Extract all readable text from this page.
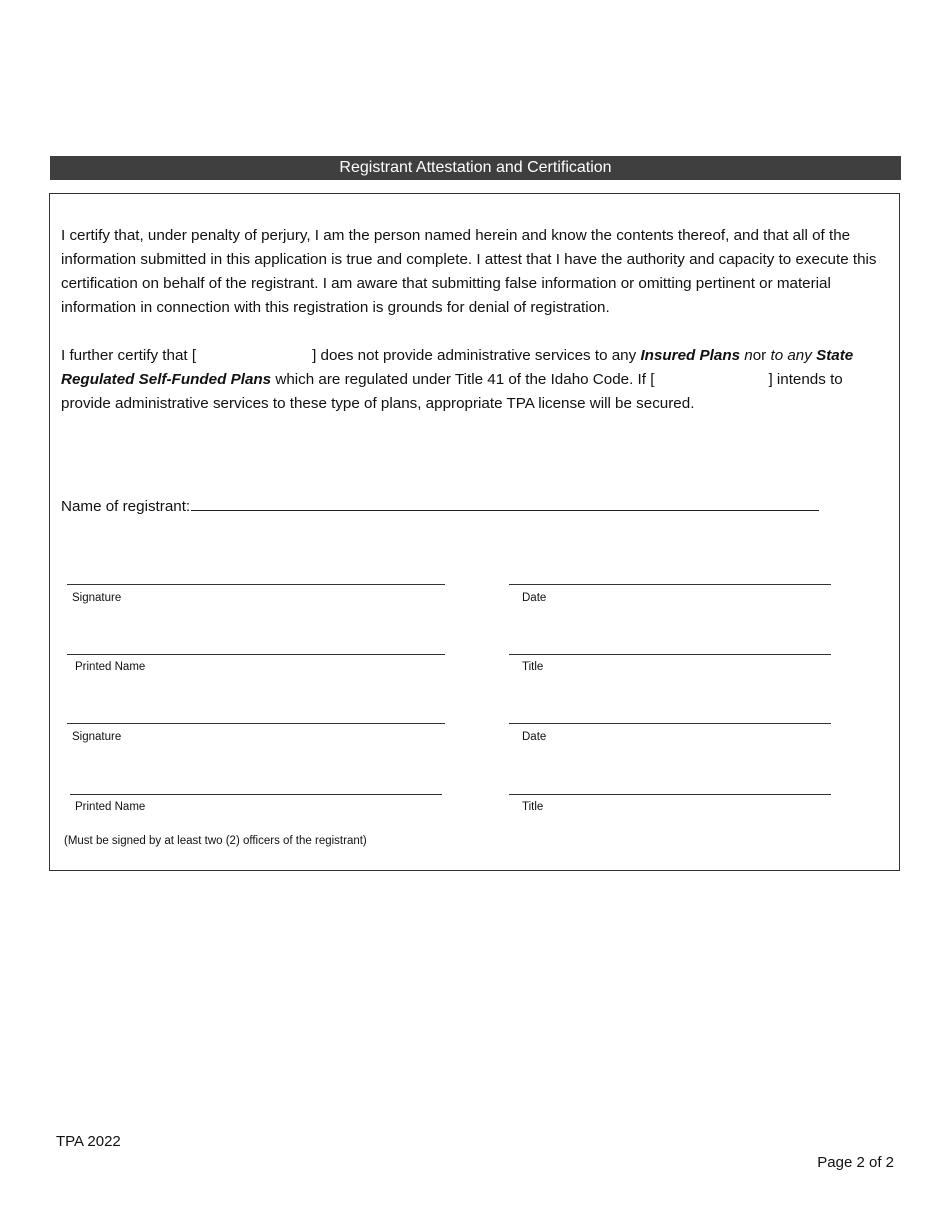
Registrant Attestation and Certification

I certify that, under penalty of perjury, I am the person named herein and know the contents thereof, and that all of the information submitted in this application is true and complete. I attest that I have the authority and capacity to execute this certification on behalf of the registrant. I am aware that submitting false information or omitting pertinent or material information in connection with this registration is grounds for denial of registration.

I further certify that [	] does not provide administrative services to any Insured Plans nor to any State Regulated Self-Funded Plans which are regulated under Title 41 of the Idaho Code. If [	] intends to provide administrative services to these type of plans, appropriate TPA license will be secured.

Name of registrant:
Signature	Date
Printed Name	Title
Signature	Date
Printed Name	Title
(Must be signed by at least two (2) officers of the registrant)
TPA 2022
Page 2 of 2
